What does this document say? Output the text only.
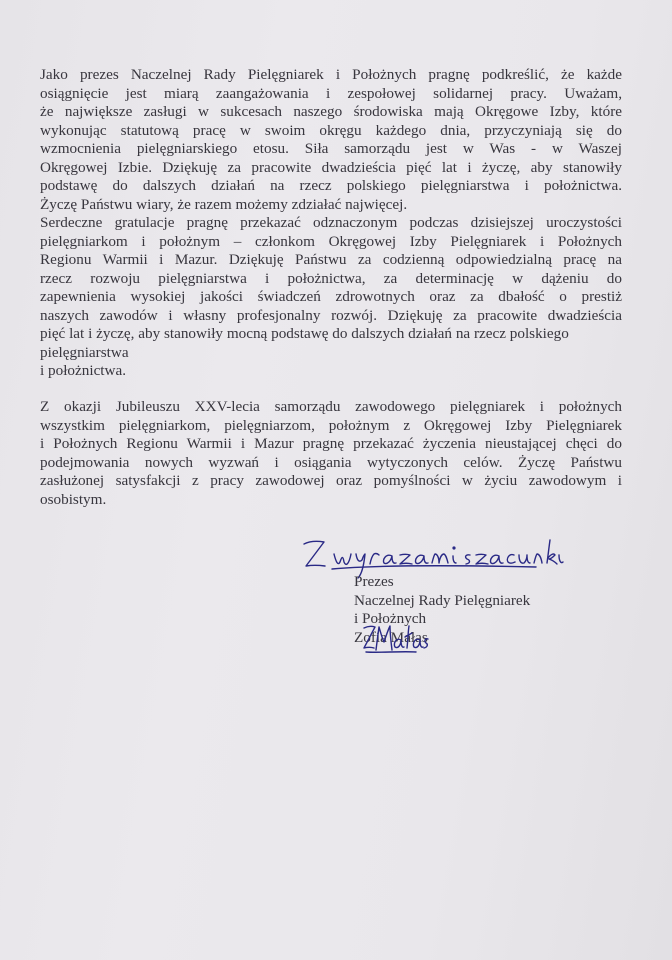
Jako prezes Naczelnej Rady Pielęgniarek i Położnych pragnę podkreślić, że każde
osiągnięcie jest miarą zaangażowania i zespołowej solidarnej pracy. Uważam,
że największe zasługi w sukcesach naszego środowiska mają Okręgowe Izby, które
wykonując statutową pracę w swoim okręgu każdego dnia, przyczyniają się do
wzmocnienia pielęgniarskiego etosu. Siła samorządu jest w Was - w Waszej
Okręgowej Izbie. Dziękuję za pracowite dwadzieścia pięć lat i życzę, aby stanowiły
podstawę do dalszych działań na rzecz polskiego pielęgniarstwa i położnictwa.
Życzę Państwu wiary, że razem możemy zdziałać najwięcej.

Serdeczne gratulacje pragnę przekazać odznaczonym podczas dzisiejszej uroczystości
pielęgniarkom i położnym – członkom Okręgowej Izby Pielęgniarek i Położnych
Regionu Warmii i Mazur. Dziękuję Państwu za codzienną odpowiedzialną pracę na
rzecz rozwoju pielęgniarstwa i położnictwa, za determinację w dążeniu do
zapewnienia wysokiej jakości świadczeń zdrowotnych oraz za dbałość o prestiż
naszych zawodów i własny profesjonalny rozwój. Dziękuję za pracowite dwadzieścia
pięć lat i życzę, aby stanowiły mocną podstawę do dalszych działań na rzecz polskiego
pielęgniarstwa
i położnictwa.

Z okazji Jubileuszu XXV-lecia samorządu zawodowego pielęgniarek i położnych
wszystkim pielęgniarkom, pielęgniarzom, położnym z Okręgowej Izby Pielęgniarek
i Położnych Regionu Warmii i Mazur pragnę przekazać życzenia nieustającej chęci do
podejmowania nowych wyzwań i osiągania wytyczonych celów. Życzę Państwu
zasłużonej satysfakcji z pracy zawodowej oraz pomyślności w życiu zawodowym i
osobistym.

Prezes
Naczelnej Rady Pielęgniarek
i Położnych
Zofia Małas
